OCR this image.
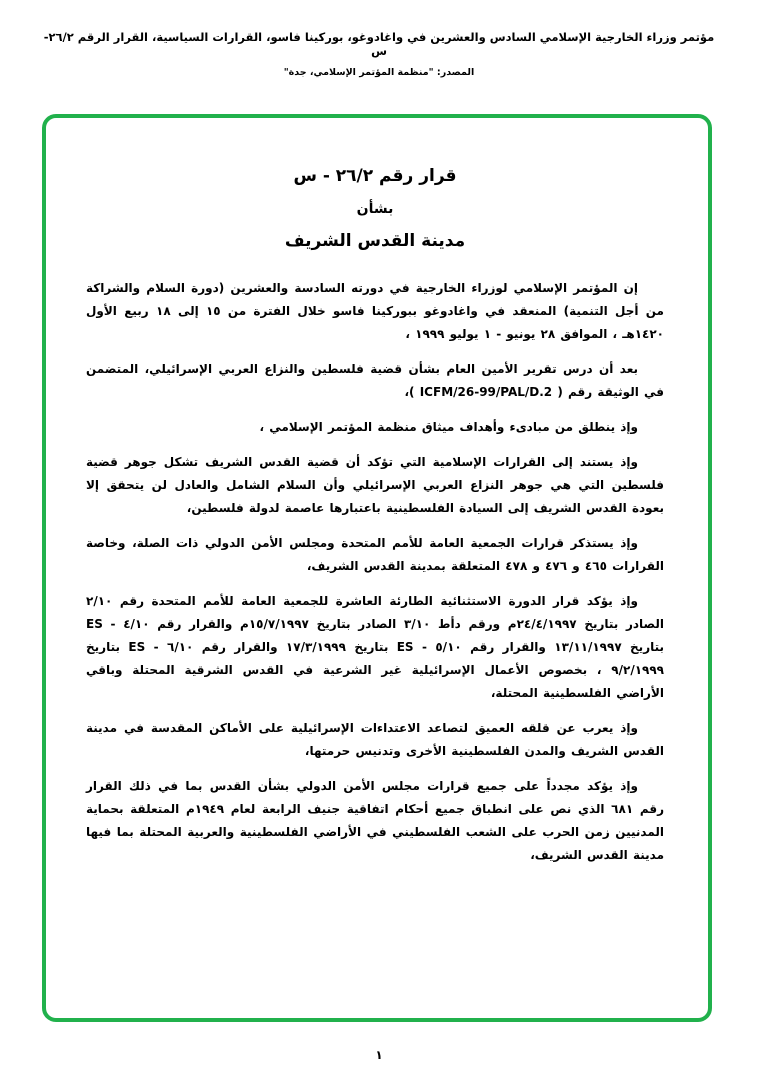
مؤتمر وزراء الخارجية الإسلامي السادس والعشرين في واغادوغو، بوركينا فاسو، القرارات السياسية، القرار الرقم ٢٦/٢-س
المصدر: "منظمة المؤتمر الإسلامي، جدة"
قرار رقم ٢٦/٢ - س
بشأن
مدينة القدس الشريف

إن المؤتمر الإسلامي لوزراء الخارجية في دورته السادسة والعشرين (دورة السلام والشراكة من أجل التنمية) المنعقد في واغادوغو ببوركينا فاسو خلال الفترة من ١٥ إلى ١٨ ربيع الأول ١٤٢٠هـ ، الموافق ٢٨ يونيو - ١ يوليو ١٩٩٩ ،

بعد أن درس تقرير الأمين العام بشأن قضية فلسطين والنزاع العربي الإسرائيلي، المتضمن في الوثيقة رقم ( ICFM/26-99/PAL/D.2 )،

وإذ ينطلق من مبادىء وأهداف ميثاق منظمة المؤتمر الإسلامي ،

وإذ يستند إلى القرارات الإسلامية التي تؤكد أن قضية القدس الشريف تشكل جوهر قضية فلسطين التي هي جوهر النزاع العربي الإسرائيلي وأن السلام الشامل والعادل لن يتحقق إلا بعودة القدس الشريف إلى السيادة الفلسطينية باعتبارها عاصمة لدولة فلسطين،

وإذ يستذكر قرارات الجمعية العامة للأمم المتحدة ومجلس الأمن الدولي ذات الصلة، وخاصة القرارات ٤٦٥ و ٤٧٦ و ٤٧٨ المتعلقة بمدينة القدس الشريف،

وإذ يؤكد قرار الدورة الاستثنائية الطارئة العاشرة للجمعية العامة للأمم المتحدة رقم ٢/١٠ الصادر بتاريخ ٢٤/٤/١٩٩٧م ورقم دأط ٣/١٠ الصادر بتاريخ ١٥/٧/١٩٩٧م والقرار رقم ٤/١٠ - ES بتاريخ ١٣/١١/١٩٩٧ والقرار رقم ٥/١٠ - ES بتاريخ ١٧/٣/١٩٩٩ والقرار رقم ٦/١٠ - ES بتاريخ ٩/٢/١٩٩٩ ، بخصوص الأعمال الإسرائيلية غير الشرعية في القدس الشرقية المحتلة وباقي الأراضي الفلسطينية المحتلة،

وإذ يعرب عن قلقه العميق لتصاعد الاعتداءات الإسرائيلية على الأماكن المقدسة في مدينة القدس الشريف والمدن الفلسطينية الأخرى وتدنيس حرمتها،

وإذ يؤكد مجدداً على جميع قرارات مجلس الأمن الدولي بشأن القدس بما في ذلك القرار رقم ٦٨١ الذي نص على انطباق جميع أحكام اتفاقية جنيف الرابعة لعام ١٩٤٩م المتعلقة بحماية المدنيين زمن الحرب على الشعب الفلسطيني في الأراضي الفلسطينية والعربية المحتلة بما فيها مدينة القدس الشريف،

١
